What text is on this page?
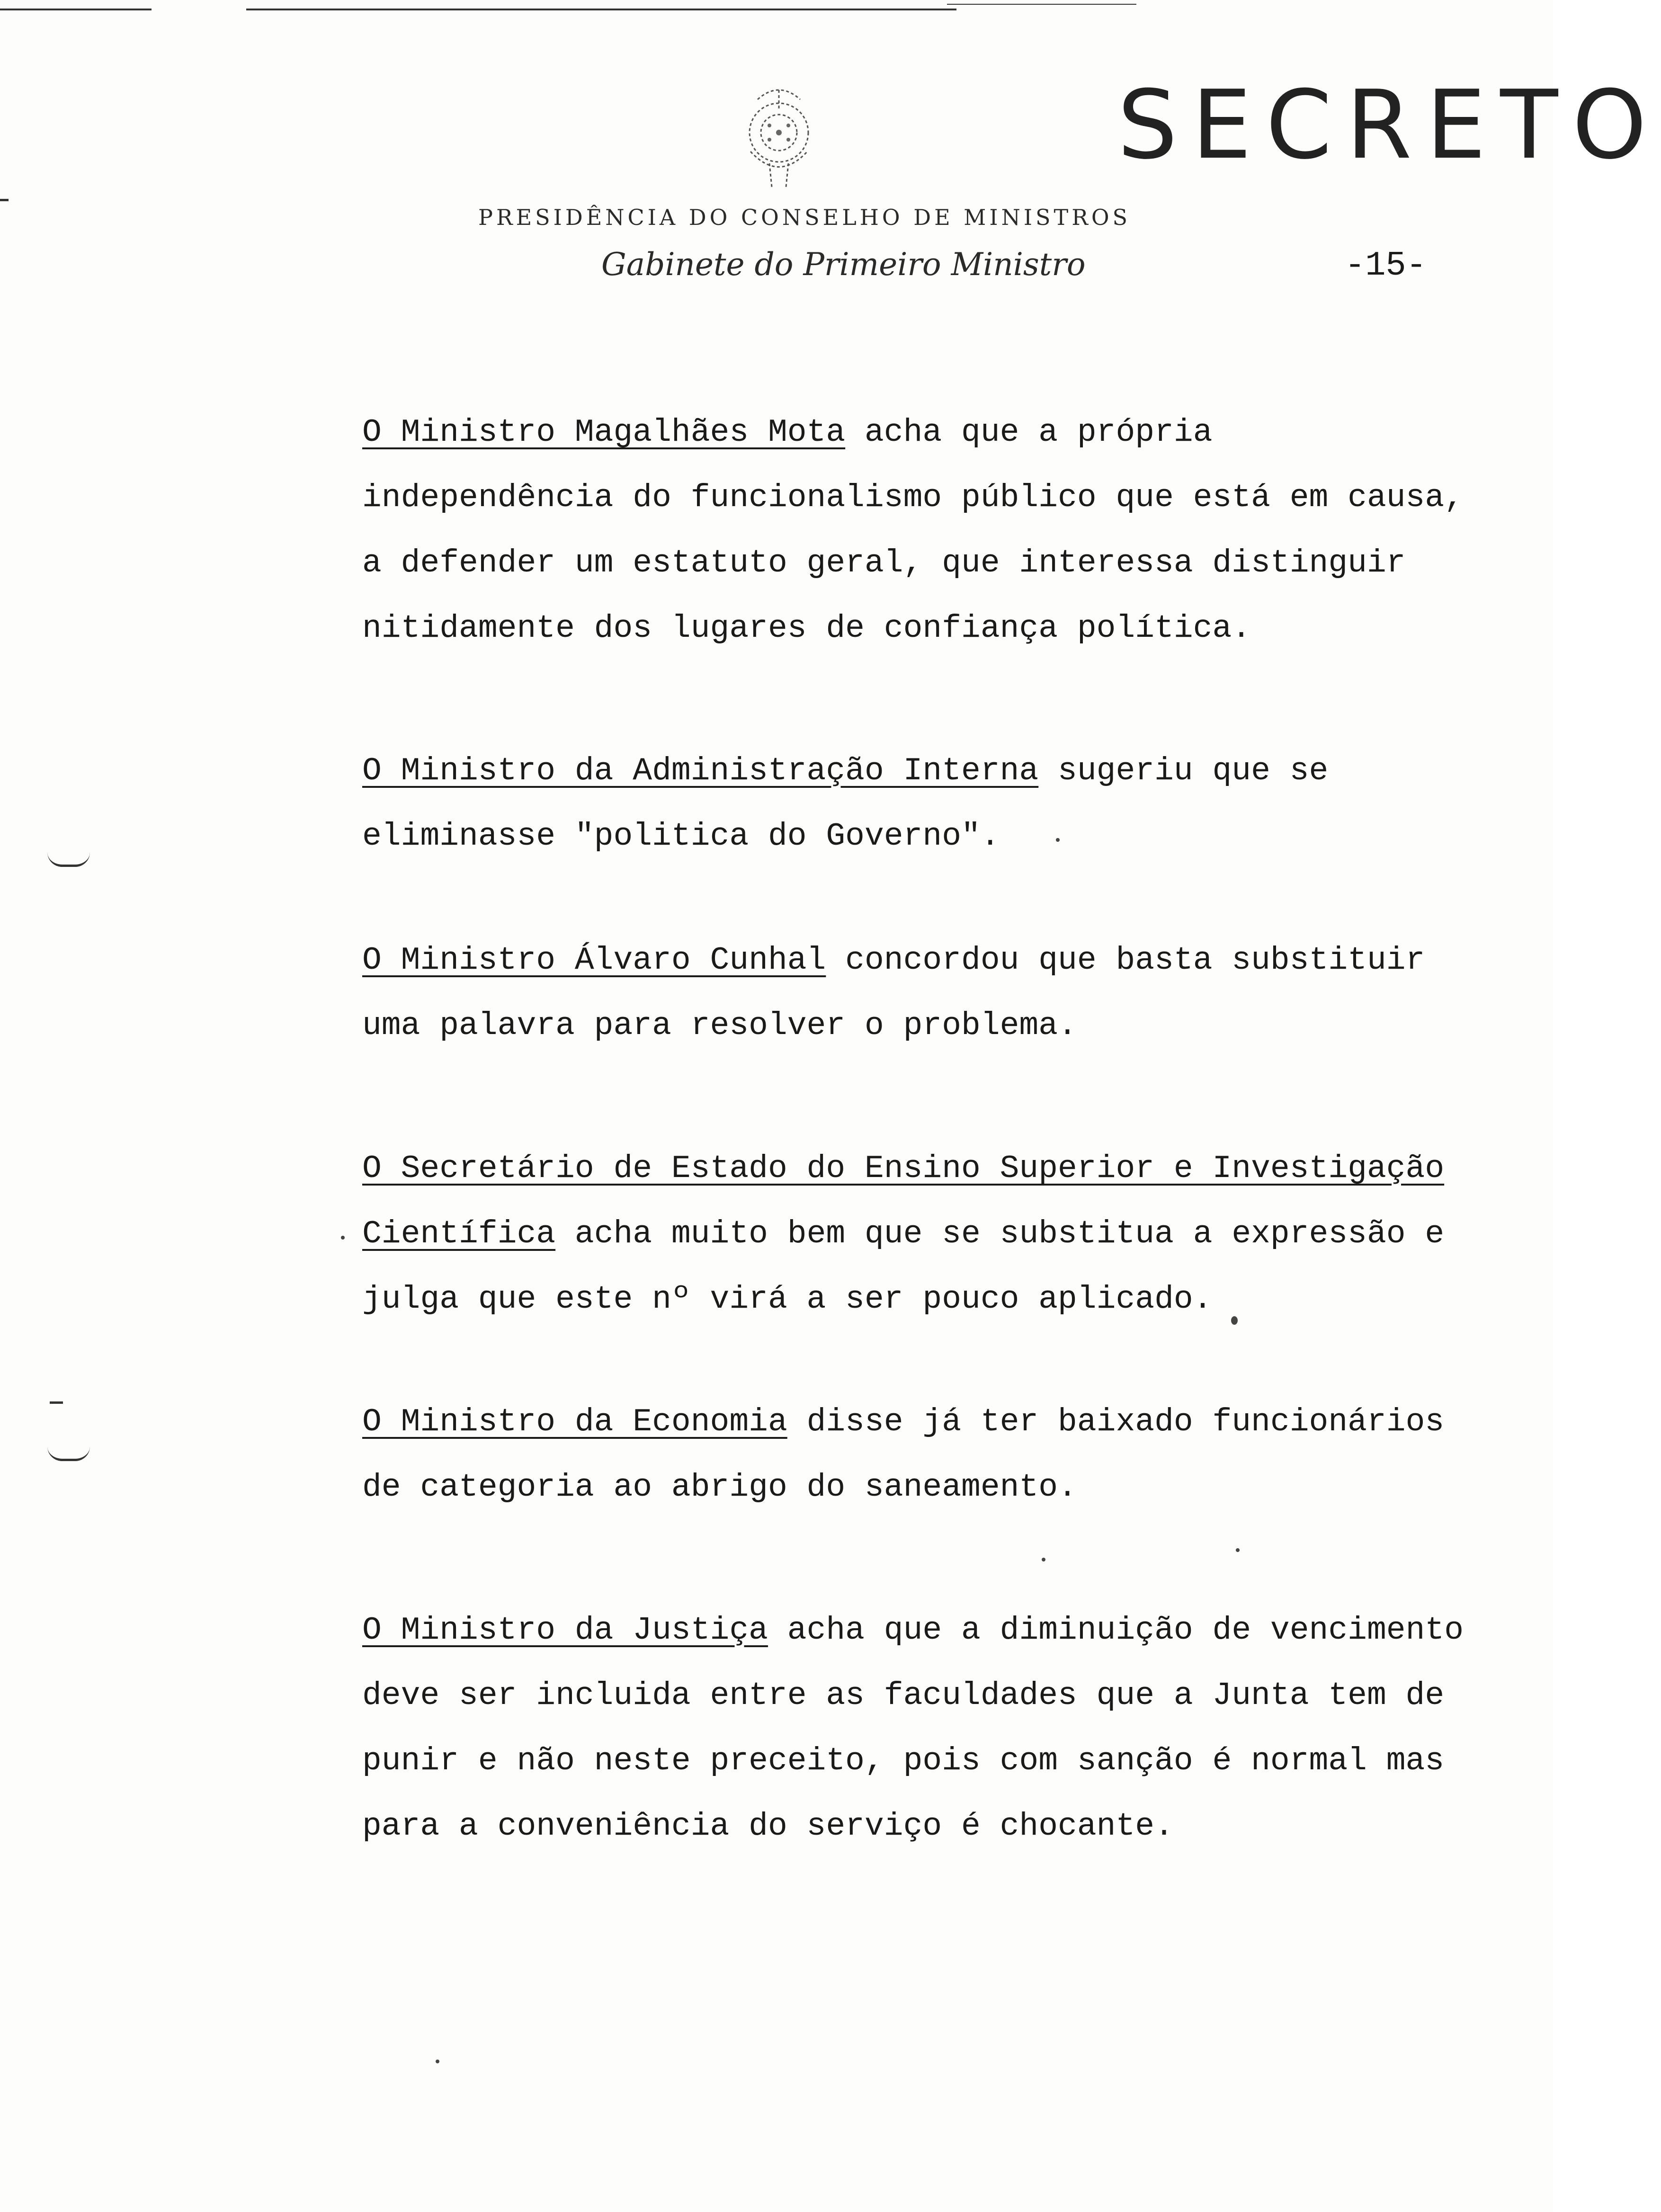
SECRETO
PRESIDÊNCIA DO CONSELHO DE MINISTROS
Gabinete do Primeiro Ministro	-15-

O Ministro Magalhães Mota acha que a própria independência do funcionalismo público que está em causa, a defender um estatuto geral, que interessa distinguir nitidamente dos lugares de confiança política.

O Ministro da Administração Interna sugeriu que se eliminasse "politica do Governo".

O Ministro Álvaro Cunhal concordou que basta substituir uma palavra para resolver o problema.

O Secretário de Estado do Ensino Superior e Investigação Científica acha muito bem que se substitua a expressão e julga que este nº virá a ser pouco aplicado.

O Ministro da Economia disse já ter baixado funcionários de categoria ao abrigo do saneamento.

O Ministro da Justiça acha que a diminuição de vencimento deve ser incluida entre as faculdades que a Junta tem de punir e não neste preceito, pois com sanção é normal mas para a conveniência do serviço é chocante.
